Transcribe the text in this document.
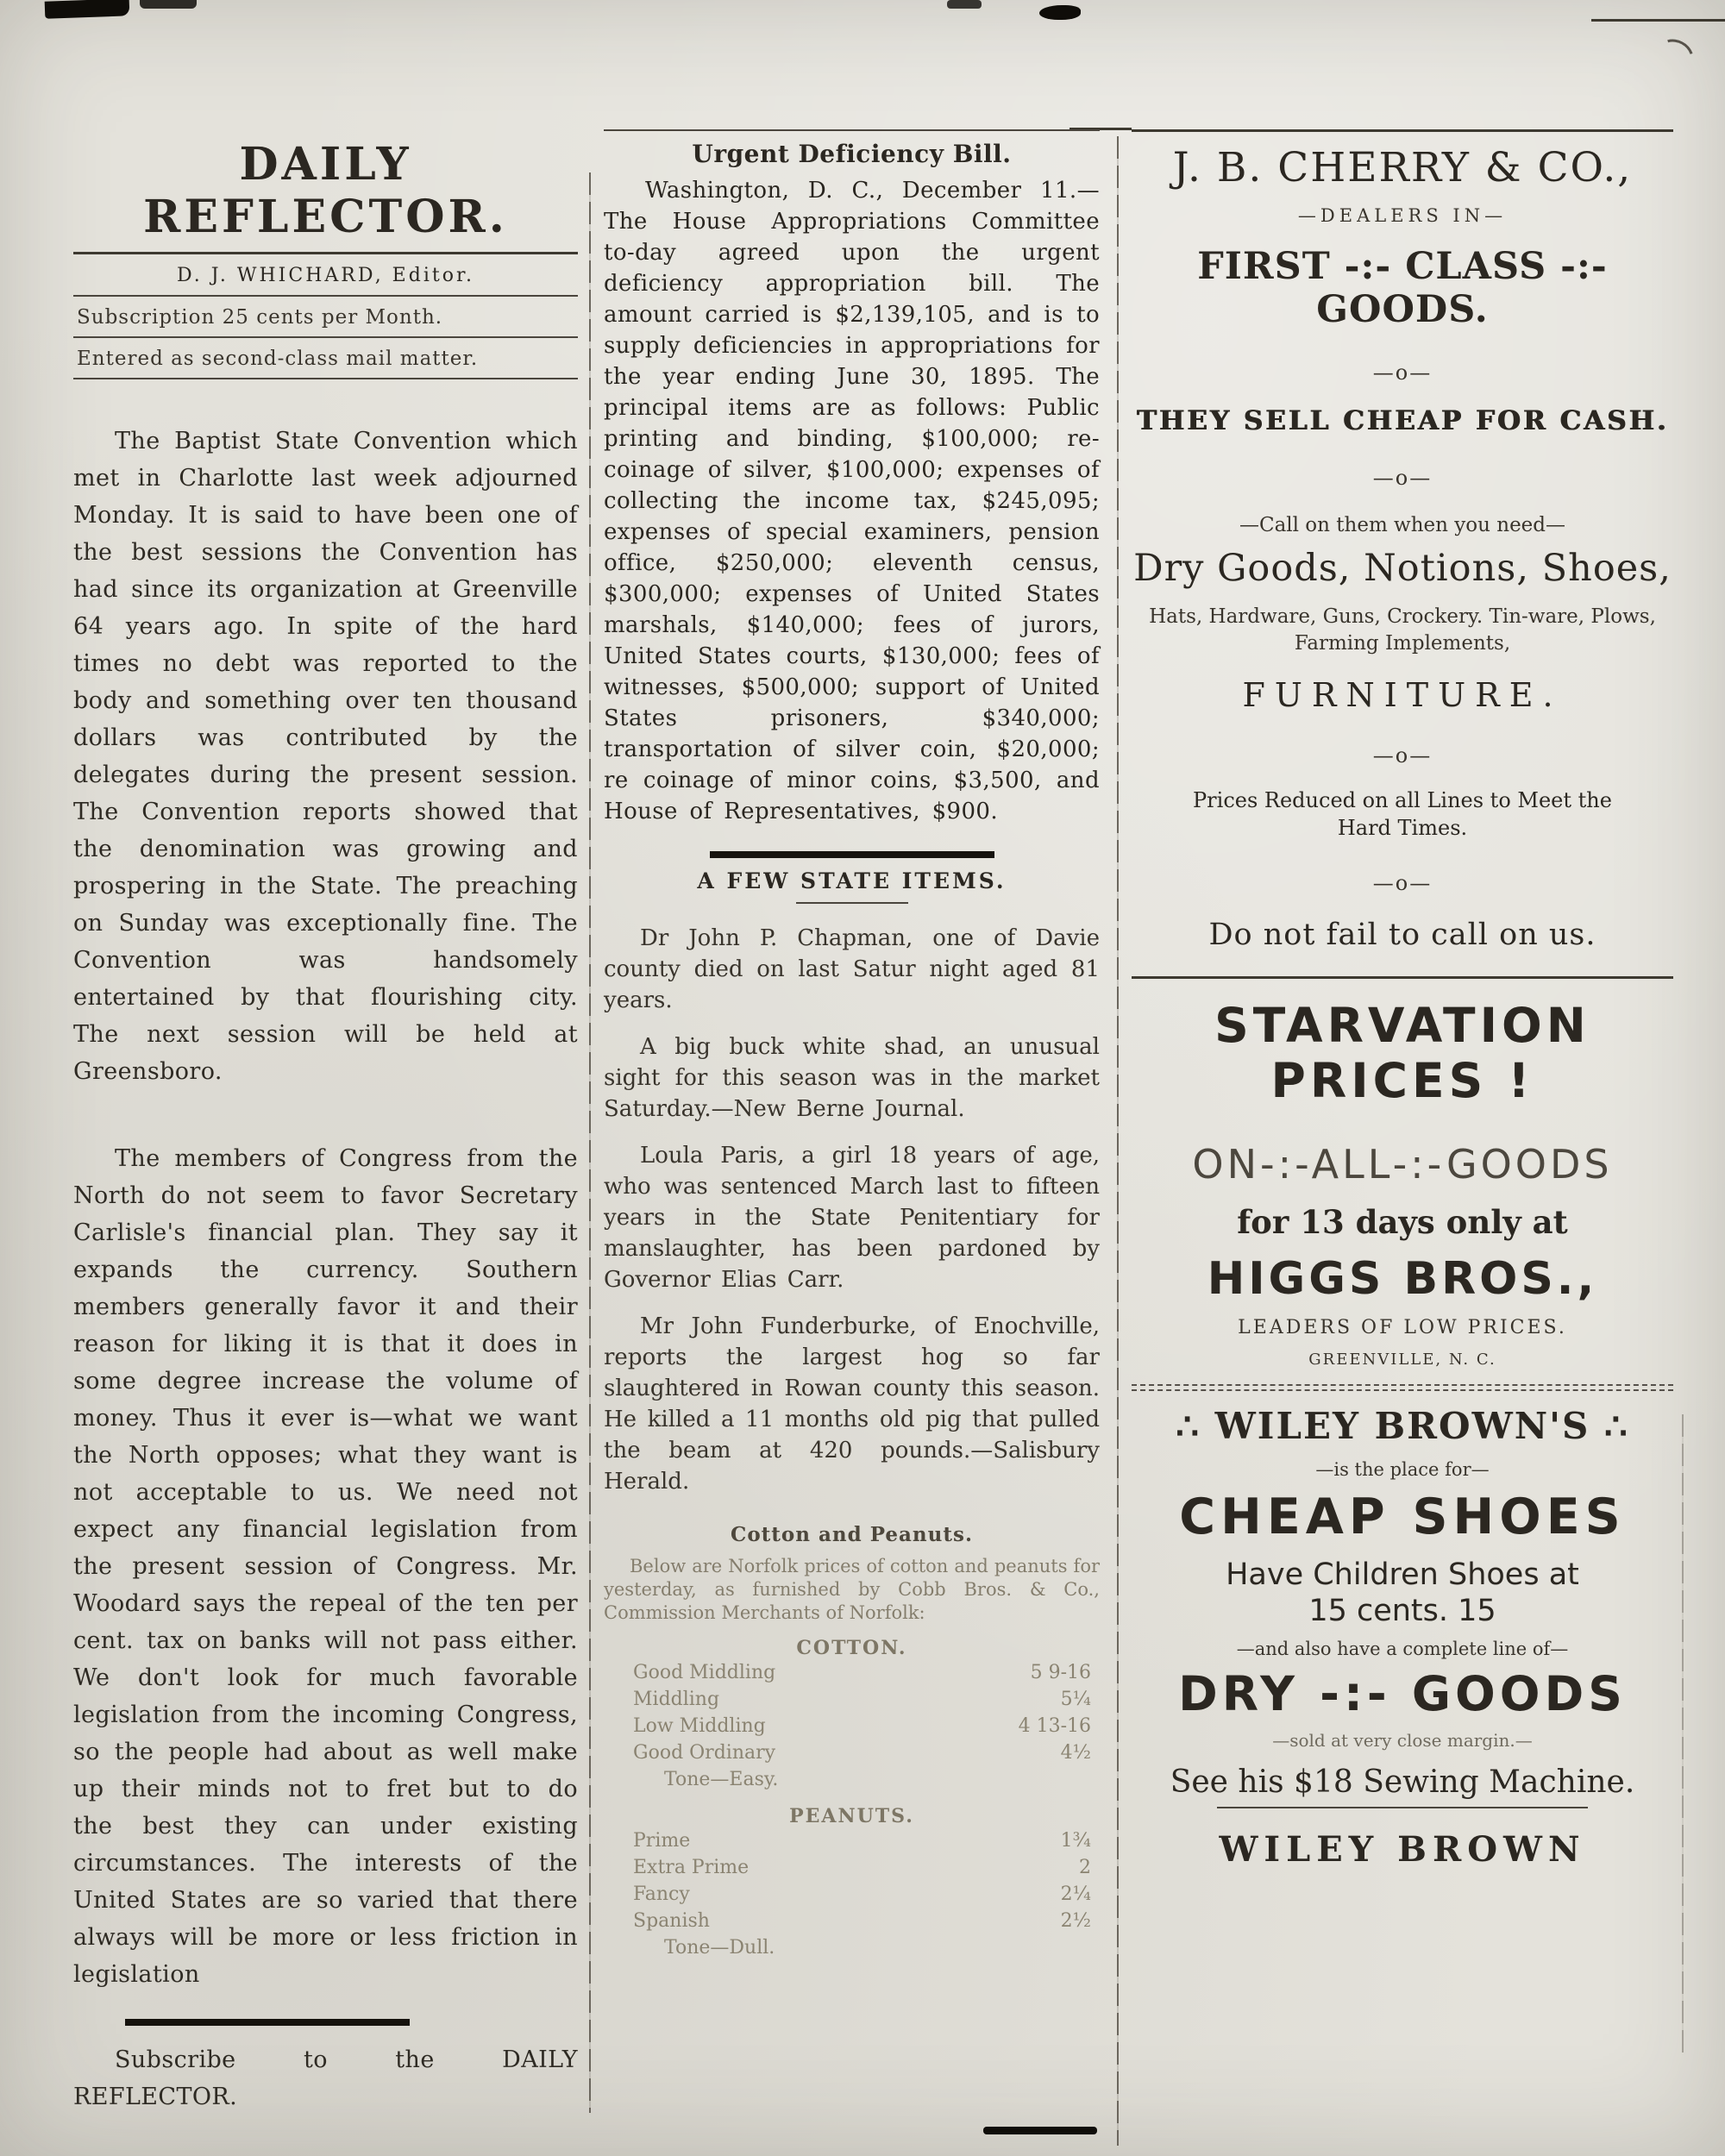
DAILY REFLECTOR.
D. J. WHICHARD, Editor.
Subscription 25 cents per Month.
Entered as second-class mail matter.

The Baptist State Convention which met in Charlotte last week adjourned Monday. It is said to have been one of the best sessions the Convention has had since its organization at Greenville 64 years ago. In spite of the hard times no debt was reported to the body and something over ten thousand dollars was contributed by the delegates during the present session. The Convention reports showed that the denomination was growing and prospering in the State. The preaching on Sunday was exceptionally fine. The Convention was handsomely entertained by that flourishing city. The next session will be held at Greensboro.

The members of Congress from the North do not seem to favor Secretary Carlisle's financial plan. They say it expands the currency. Southern members generally favor it and their reason for liking it is that it does in some degree increase the volume of money. Thus it ever is—what we want the North opposes; what they want is not acceptable to us. We need not expect any financial legislation from the present session of Congress. Mr. Woodard says the repeal of the ten per cent. tax on banks will not pass either. We don't look for much favorable legislation from the incoming Congress, so the people had about as well make up their minds not to fret but to do the best they can under existing circumstances. The interests of the United States are so varied that there always will be more or less friction in legislation

Subscribe to the DAILY REFLECTOR.

Urgent Deficiency Bill.

Washington, D. C., December 11.—The House Appropriations Committee to-day agreed upon the urgent deficiency appropriation bill. The amount carried is $2,139,105, and is to supply deficiencies in appropriations for the year ending June 30, 1895. The principal items are as follows: Public printing and binding, $100,000; re-coinage of silver, $100,000; expenses of collecting the income tax, $245,095; expenses of special examiners, pension office, $250,000; eleventh census, $300,000; expenses of United States marshals, $140,000; fees of jurors, United States courts, $130,000; fees of witnesses, $500,000; support of United States prisoners, $340,000; transportation of silver coin, $20,000; re coinage of minor coins, $3,500, and House of Representatives, $900.

A FEW STATE ITEMS.

Dr John P. Chapman, one of Davie county died on last Satur night aged 81 years.

A big buck white shad, an unusual sight for this season was in the market Saturday.—New Berne Journal.

Loula Paris, a girl 18 years of age, who was sentenced March last to fifteen years in the State Penitentiary for manslaughter, has been pardoned by Governor Elias Carr.

Mr John Funderburke, of Enochville, reports the largest hog so far slaughtered in Rowan county this season. He killed a 11 months old pig that pulled the beam at 420 pounds.—Salisbury Herald.

Cotton and Peanuts.

Below are Norfolk prices of cotton and peanuts for yesterday, as furnished by Cobb Bros. & Co., Commission Merchants of Norfolk:

COTTON.
Good Middling	5 9-16
Middling	5¼
Low Middling	4 13-16
Good Ordinary	4½
Tone—Easy.
PEANUTS.
Prime	1¾
Extra Prime	2
Fancy	2¼
Spanish	2½
Tone—Dull.
J. B. CHERRY & CO.,
—DEALERS IN—
FIRST -:- CLASS -:- GOODS.
—o—
THEY SELL CHEAP FOR CASH.
—o—
—Call on them when you need—
Dry Goods, Notions, Shoes,
Hats, Hardware, Guns, Crockery. Tin-ware, Plows, Farming Implements,
FURNITURE.
—o—
Prices Reduced on all Lines to Meet the Hard Times.
—o—
Do not fail to call on us.
STARVATION PRICES !
ON-:-ALL-:-GOODS
for 13 days only at
HIGGS BROS.,
LEADERS OF LOW PRICES.
GREENVILLE, N. C.
∴ WILEY BROWN'S ∴
—is the place for—
CHEAP SHOES
Have Children Shoes at
15 cents. 15
—and also have a complete line of—
DRY -:- GOODS
—sold at very close margin.—
See his $18 Sewing Machine.
WILEY BROWN
